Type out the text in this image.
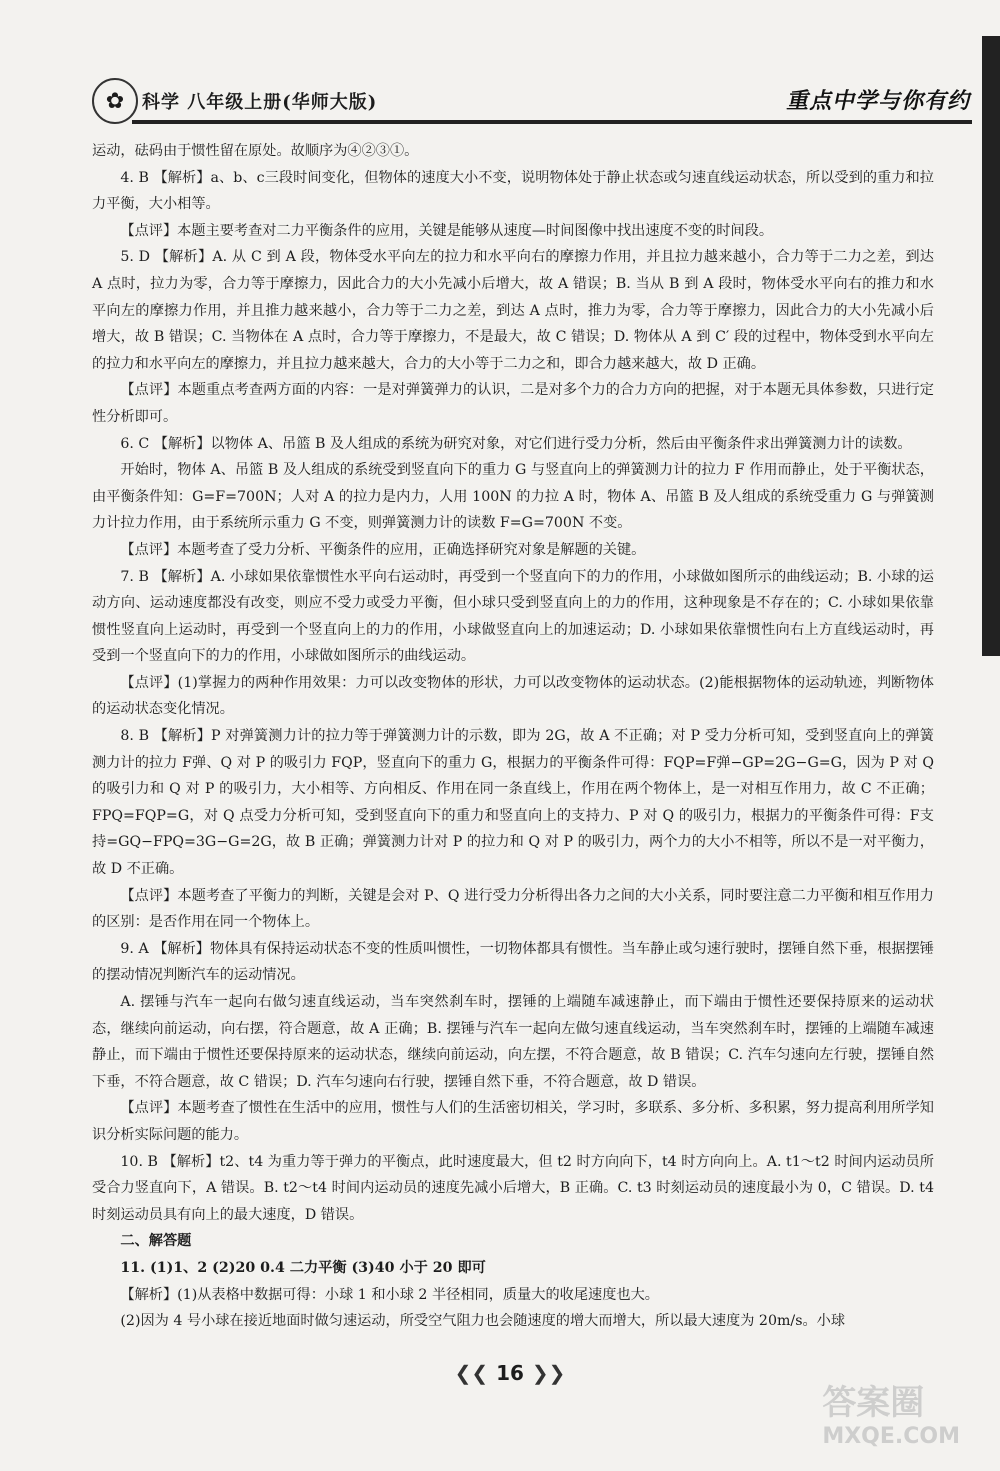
✿ 科学 八年级上册(华师大版)	重点中学与你有约

运动，砝码由于惯性留在原处。故顺序为④②③①。

4. B 【解析】a、b、c三段时间变化，但物体的速度大小不变，说明物体处于静止状态或匀速直线运动状态，所以受到的重力和拉力平衡，大小相等。

【点评】本题主要考查对二力平衡条件的应用，关键是能够从速度—时间图像中找出速度不变的时间段。

5. D 【解析】A. 从 C 到 A 段，物体受水平向左的拉力和水平向右的摩擦力作用，并且拉力越来越小，合力等于二力之差，到达 A 点时，拉力为零，合力等于摩擦力，因此合力的大小先减小后增大，故 A 错误；B. 当从 B 到 A 段时，物体受水平向右的推力和水平向左的摩擦力作用，并且推力越来越小，合力等于二力之差，到达 A 点时，推力为零，合力等于摩擦力，因此合力的大小先减小后增大，故 B 错误；C. 当物体在 A 点时，合力等于摩擦力，不是最大，故 C 错误；D. 物体从 A 到 C′ 段的过程中，物体受到水平向左的拉力和水平向左的摩擦力，并且拉力越来越大，合力的大小等于二力之和，即合力越来越大，故 D 正确。

【点评】本题重点考查两方面的内容：一是对弹簧弹力的认识，二是对多个力的合力方向的把握，对于本题无具体参数，只进行定性分析即可。

6. C 【解析】以物体 A、吊篮 B 及人组成的系统为研究对象，对它们进行受力分析，然后由平衡条件求出弹簧测力计的读数。

开始时，物体 A、吊篮 B 及人组成的系统受到竖直向下的重力 G 与竖直向上的弹簧测力计的拉力 F 作用而静止，处于平衡状态，由平衡条件知：G=F=700N；人对 A 的拉力是内力，人用 100N 的力拉 A 时，物体 A、吊篮 B 及人组成的系统受重力 G 与弹簧测力计拉力作用，由于系统所示重力 G 不变，则弹簧测力计的读数 F=G=700N 不变。

【点评】本题考查了受力分析、平衡条件的应用，正确选择研究对象是解题的关键。

7. B 【解析】A. 小球如果依靠惯性水平向右运动时，再受到一个竖直向下的力的作用，小球做如图所示的曲线运动；B. 小球的运动方向、运动速度都没有改变，则应不受力或受力平衡，但小球只受到竖直向上的力的作用，这种现象是不存在的；C. 小球如果依靠惯性竖直向上运动时，再受到一个竖直向上的力的作用，小球做竖直向上的加速运动；D. 小球如果依靠惯性向右上方直线运动时，再受到一个竖直向下的力的作用，小球做如图所示的曲线运动。

【点评】(1)掌握力的两种作用效果：力可以改变物体的形状，力可以改变物体的运动状态。(2)能根据物体的运动轨迹，判断物体的运动状态变化情况。

8. B 【解析】P 对弹簧测力计的拉力等于弹簧测力计的示数，即为 2G，故 A 不正确；对 P 受力分析可知，受到竖直向上的弹簧测力计的拉力 F弹、Q 对 P 的吸引力 FQP，竖直向下的重力 G，根据力的平衡条件可得：FQP=F弹−GP=2G−G=G，因为 P 对 Q 的吸引力和 Q 对 P 的吸引力，大小相等、方向相反、作用在同一条直线上，作用在两个物体上，是一对相互作用力，故 C 不正确；FPQ=FQP=G，对 Q 点受力分析可知，受到竖直向下的重力和竖直向上的支持力、P 对 Q 的吸引力，根据力的平衡条件可得：F支持=GQ−FPQ=3G−G=2G，故 B 正确；弹簧测力计对 P 的拉力和 Q 对 P 的吸引力，两个力的大小不相等，所以不是一对平衡力，故 D 不正确。

【点评】本题考查了平衡力的判断，关键是会对 P、Q 进行受力分析得出各力之间的大小关系，同时要注意二力平衡和相互作用力的区别：是否作用在同一个物体上。

9. A 【解析】物体具有保持运动状态不变的性质叫惯性，一切物体都具有惯性。当车静止或匀速行驶时，摆锤自然下垂，根据摆锤的摆动情况判断汽车的运动情况。

A. 摆锤与汽车一起向右做匀速直线运动，当车突然刹车时，摆锤的上端随车减速静止，而下端由于惯性还要保持原来的运动状态，继续向前运动，向右摆，符合题意，故 A 正确；B. 摆锤与汽车一起向左做匀速直线运动，当车突然刹车时，摆锤的上端随车减速静止，而下端由于惯性还要保持原来的运动状态，继续向前运动，向左摆，不符合题意，故 B 错误；C. 汽车匀速向左行驶，摆锤自然下垂，不符合题意，故 C 错误；D. 汽车匀速向右行驶，摆锤自然下垂，不符合题意，故 D 错误。

【点评】本题考查了惯性在生活中的应用，惯性与人们的生活密切相关，学习时，多联系、多分析、多积累，努力提高利用所学知识分析实际问题的能力。

10. B 【解析】t2、t4 为重力等于弹力的平衡点，此时速度最大，但 t2 时方向向下，t4 时方向向上。A. t1～t2 时间内运动员所受合力竖直向下，A 错误。B. t2～t4 时间内运动员的速度先减小后增大，B 正确。C. t3 时刻运动员的速度最小为 0，C 错误。D. t4 时刻运动员具有向上的最大速度，D 错误。

二、解答题

11. (1)1、2 (2)20 0.4 二力平衡 (3)40 小于 20 即可

【解析】(1)从表格中数据可得：小球 1 和小球 2 半径相同，质量大的收尾速度也大。

(2)因为 4 号小球在接近地面时做匀速运动，所受空气阻力也会随速度的增大而增大，所以最大速度为 20m/s。小球

❮❮ 16 ❯❯
答案圈
MXQE.COM
